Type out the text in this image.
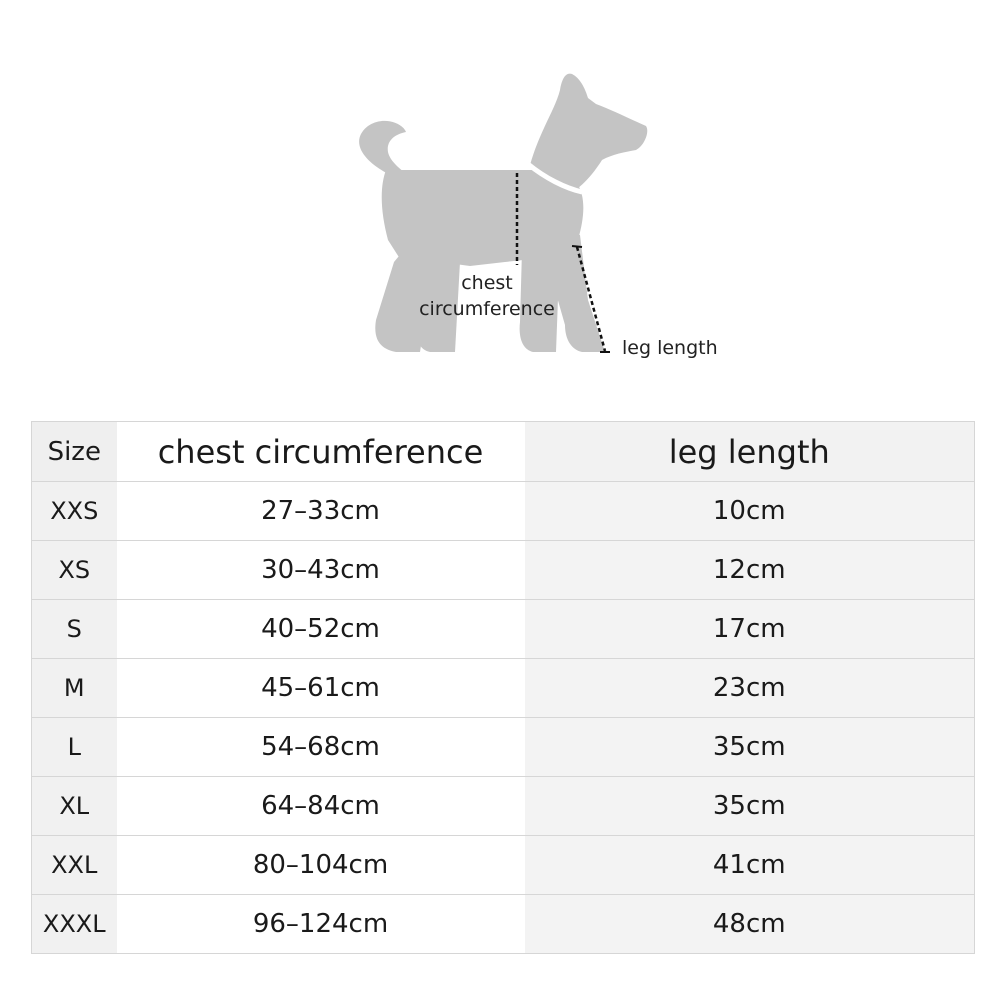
chest circumference
leg length
Size	chest circumference	leg length
XXS	27–33cm	10cm
XS	30–43cm	12cm
S	40–52cm	17cm
M	45–61cm	23cm
L	54–68cm	35cm
XL	64–84cm	35cm
XXL	80–104cm	41cm
XXXL	96–124cm	48cm
